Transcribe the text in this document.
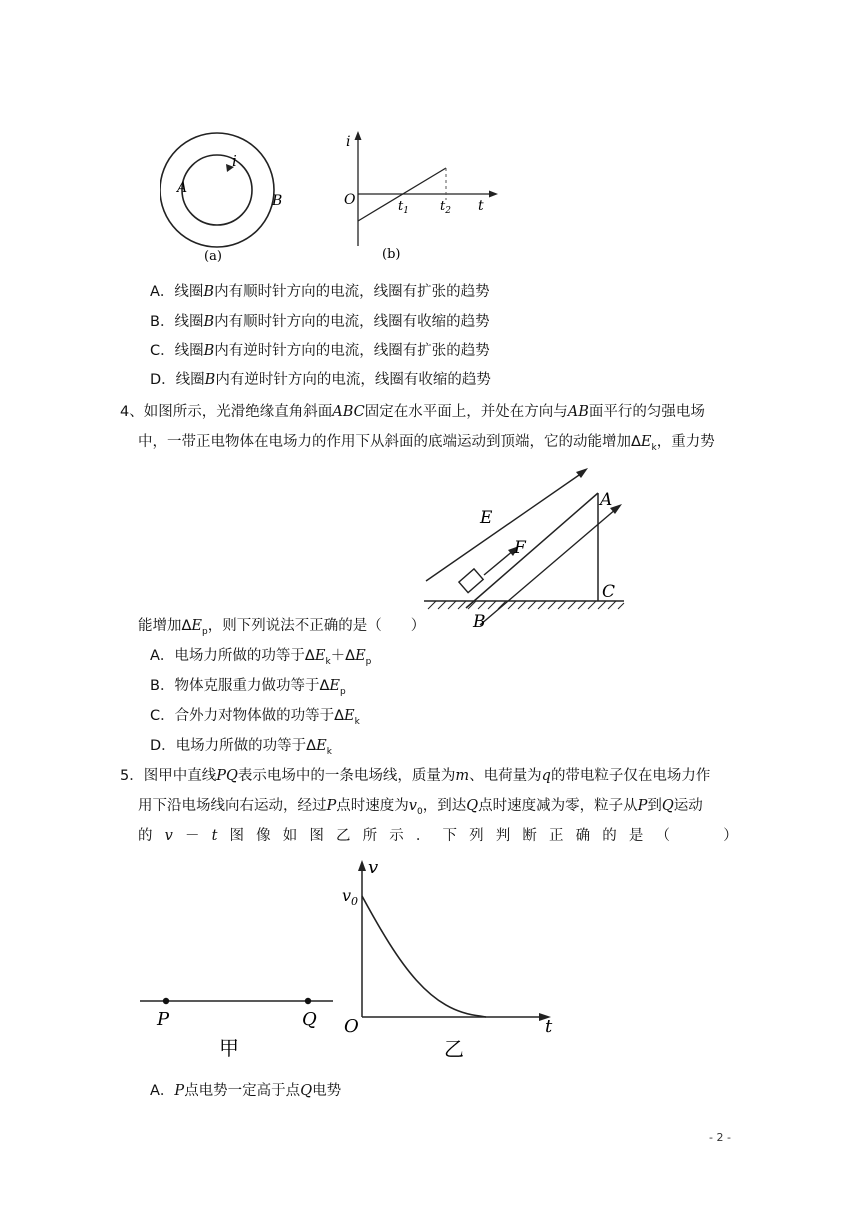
i
A
B
(a)
i
O	$t_1$ $t_2$ t
(b)
A．线圈B内有顺时针方向的电流，线圈有扩张的趋势
B．线圈B内有顺时针方向的电流，线圈有收缩的趋势
C．线圈B内有逆时针方向的电流，线圈有扩张的趋势
D．线圈B内有逆时针方向的电流，线圈有收缩的趋势
4、如图所示，光滑绝缘直角斜面ABC固定在水平面上，并处在方向与AB面平行的匀强电场
中，一带正电物体在电场力的作用下从斜面的底端运动到顶端，它的动能增加$\Delta E_k$，重力势
E
F
A
C
B
能增加$\Delta E_p$，则下列说法不正确的是（　　）
A．电场力所做的功等于$\Delta E_k+\Delta E_p$
B．物体克服重力做功等于$\Delta E_p$
C．合外力对物体做的功等于$\Delta E_k$
D．电场力所做的功等于$\Delta E_k$
5．图甲中直线PQ表示电场中的一条电场线，质量为m、电荷量为q的带电粒子仅在电场力作
用下沿电场线向右运动，经过P点时速度为$v_0$，到达Q点时速度减为零，粒子从P到Q运动
的 v － t 图 像 如 图 乙 所 示 ． 下 列 判 断 正 确 的 是 （
　　	）
P	Q
甲
v
$v_0$
O	t
乙
A．P点电势一定高于点Q电势
- 2 -
